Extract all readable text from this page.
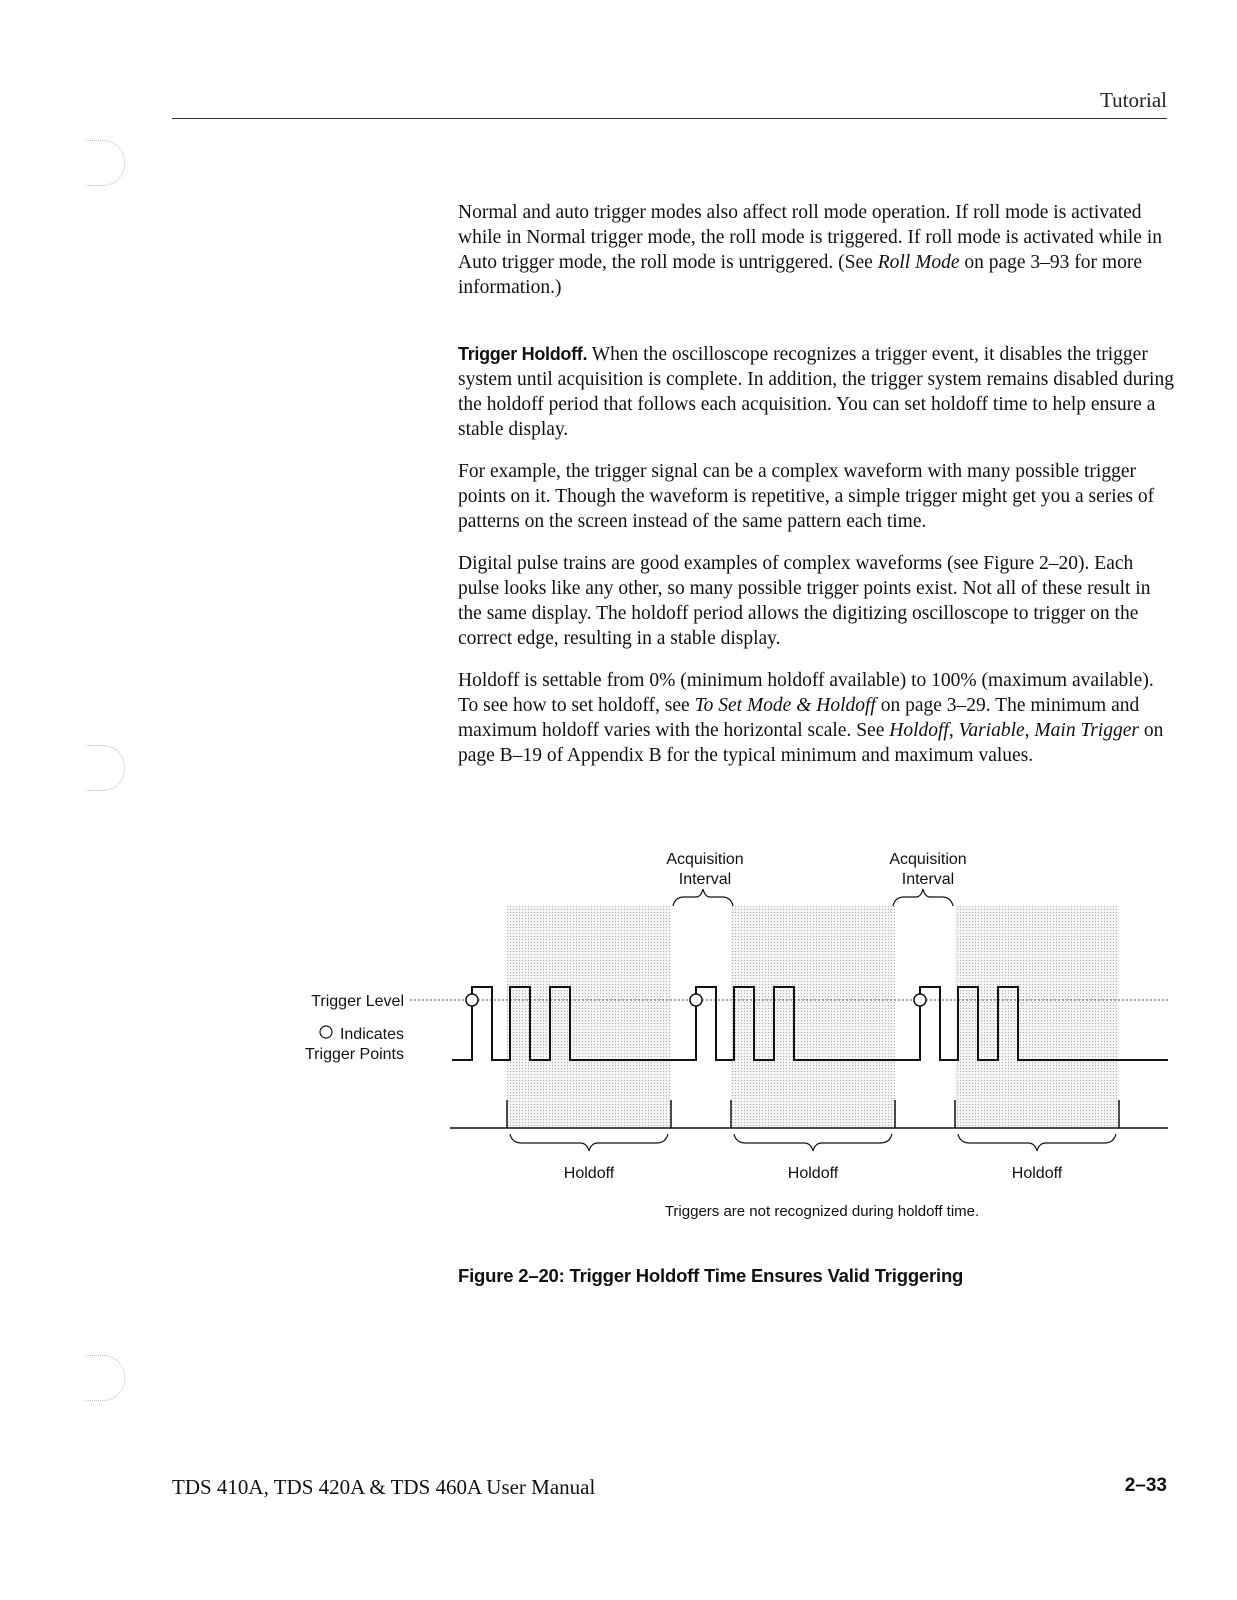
Tutorial

Normal and auto trigger modes also affect roll mode operation. If roll mode is activated while in Normal trigger mode, the roll mode is triggered. If roll mode is activated while in Auto trigger mode, the roll mode is untriggered. (See Roll Mode on page 3–93 for more information.)

Trigger Holdoff. When the oscilloscope recognizes a trigger event, it disables the trigger system until acquisition is complete. In addition, the trigger system remains disabled during the holdoff period that follows each acquisition. You can set holdoff time to help ensure a stable display.

For example, the trigger signal can be a complex waveform with many possible trigger points on it. Though the waveform is repetitive, a simple trigger might get you a series of patterns on the screen instead of the same pattern each time.

Digital pulse trains are good examples of complex waveforms (see Figure 2–20). Each pulse looks like any other, so many possible trigger points exist. Not all of these result in the same display. The holdoff period allows the digitizing oscilloscope to trigger on the correct edge, resulting in a stable display.

Holdoff is settable from 0% (minimum holdoff available) to 100% (maximum available). To see how to set holdoff, see To Set Mode & Holdoff on page 3–29. The minimum and maximum holdoff varies with the horizontal scale. See Holdoff, Variable, Main Trigger on page B–19 of Appendix B for the typical minimum and maximum values.

Acquisition
Interval
Acquisition
Interval
Trigger Level
Indicates
Trigger Points
Holdoff	Holdoff	Holdoff
Triggers are not recognized during holdoff time.
Figure 2–20: Trigger Holdoff Time Ensures Valid Triggering
TDS 410A, TDS 420A & TDS 460A User Manual	2–33
